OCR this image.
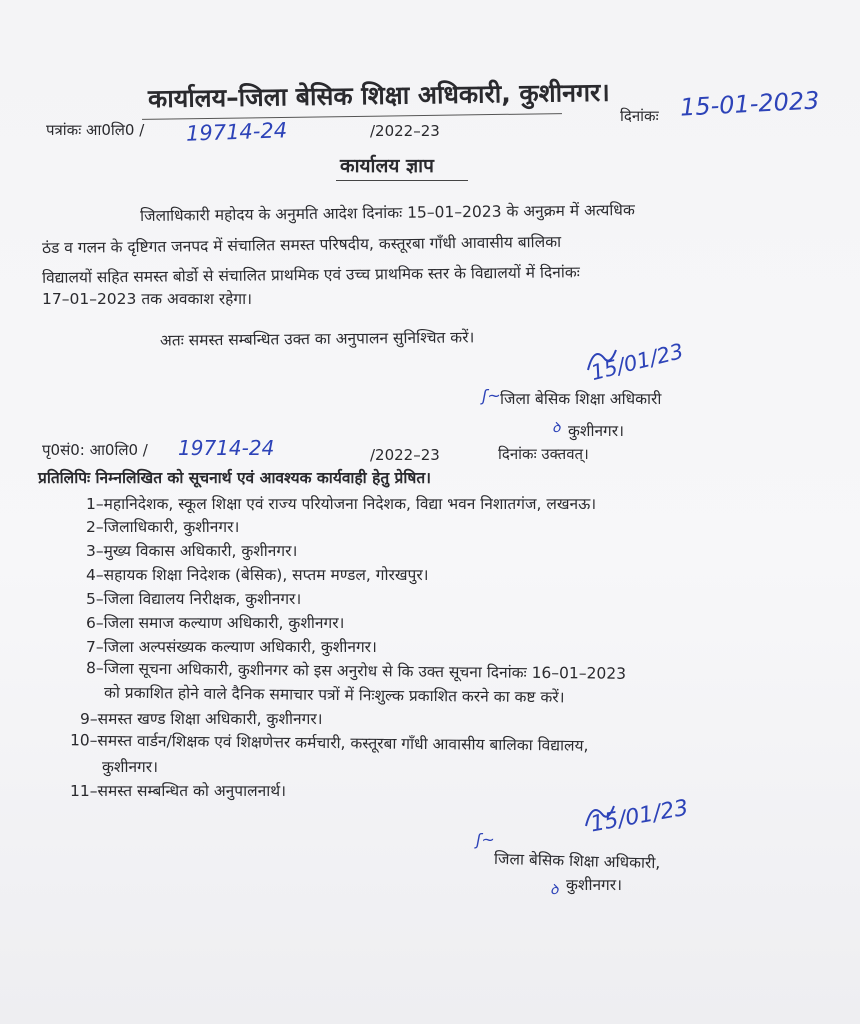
कार्यालय–जिला बेसिक शिक्षा अधिकारी, कुशीनगर।
पत्रांकः आ0लि0 / 19714-24	/2022–23
दिनांकः 15-01-2023
कार्यालय ज्ञाप
जिलाधिकारी महोदय के अनुमति आदेश दिनांकः 15–01–2023 के अनुक्रम में अत्यधिक
ठंड व गलन के दृष्टिगत जनपद में संचालित समस्त परिषदीय, कस्तूरबा गाँधी आवासीय बालिका
विद्यालयों सहित समस्त बोर्डो से संचालित प्राथमिक एवं उच्च प्राथमिक स्तर के विद्यालयों में दिनांकः
17–01–2023 तक अवकाश रहेगा।
अतः समस्त सम्बन्धित उक्त का अनुपालन सुनिश्चित करें।	15/01/23
ʃ~ जिला बेसिक शिक्षा अधिकारी
ꝺ कुशीनगर।
पृ0सं0: आ0लि0 / 19714-24	/2022–23	दिनांकः उक्तवत्।
प्रतिलिपिः निम्नलिखित को सूचनार्थ एवं आवश्यक कार्यवाही हेतु प्रेषित।
1–महानिदेशक, स्कूल शिक्षा एवं राज्य परियोजना निदेशक, विद्या भवन निशातगंज, लखनऊ।
2–जिलाधिकारी, कुशीनगर।
3–मुख्य विकास अधिकारी, कुशीनगर।
4–सहायक शिक्षा निदेशक (बेसिक), सप्तम मण्डल, गोरखपुर।
5–जिला विद्यालय निरीक्षक, कुशीनगर।
6–जिला समाज कल्याण अधिकारी, कुशीनगर।
7–जिला अल्पसंख्यक कल्याण अधिकारी, कुशीनगर।
8–जिला सूचना अधिकारी, कुशीनगर को इस अनुरोध से कि उक्त सूचना दिनांकः 16–01–2023
को प्रकाशित होने वाले दैनिक समाचार पत्रों में निःशुल्क प्रकाशित करने का कष्ट करें।
9–समस्त खण्ड शिक्षा अधिकारी, कुशीनगर।
10–समस्त वार्डन/शिक्षक एवं शिक्षणेत्तर कर्मचारी, कस्तूरबा गाँधी आवासीय बालिका विद्यालय,
कुशीनगर।
11–समस्त सम्बन्धित को अनुपालनार्थ।
15/01/23
ʃ~
जिला बेसिक शिक्षा अधिकारी,
ꝺ कुशीनगर।
